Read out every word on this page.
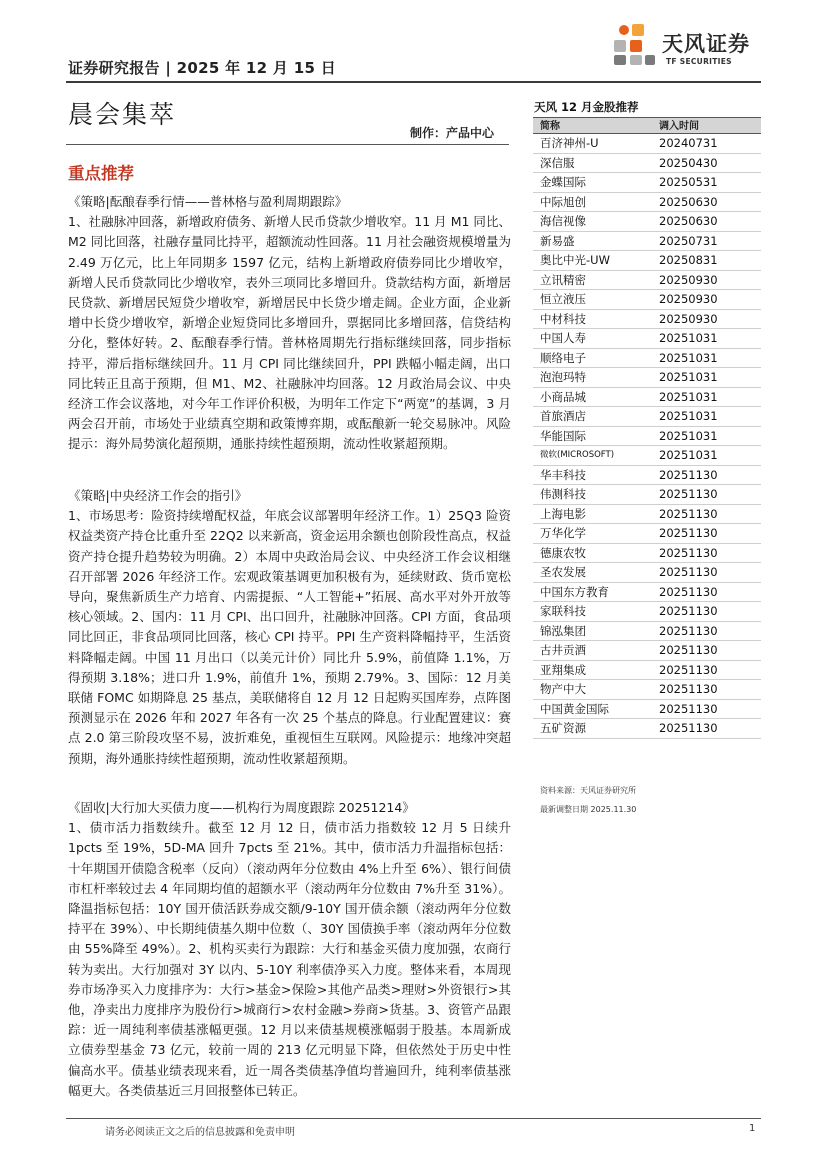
证券研究报告 | 2025 年 12 月 15 日
天风证券
TF SECURITIES
晨会集萃
制作：产品中心
重点推荐

《策略|酝酿春季行情——普林格与盈利周期跟踪》

1、社融脉冲回落，新增政府债务、新增人民币贷款少增收窄。11 月 M1 同比、M2 同比回落，社融存量同比持平，超额流动性回落。11 月社会融资规模增量为 2.49 万亿元，比上年同期多 1597 亿元，结构上新增政府债券同比少增收窄，新增人民币贷款同比少增收窄，表外三项同比多增回升。贷款结构方面，新增居民贷款、新增居民短贷少增收窄，新增居民中长贷少增走阔。企业方面，企业新增中长贷少增收窄，新增企业短贷同比多增回升，票据同比多增回落，信贷结构分化，整体好转。2、酝酿春季行情。普林格周期先行指标继续回落，同步指标持平，滞后指标继续回升。11 月 CPI 同比继续回升，PPI 跌幅小幅走阔，出口同比转正且高于预期，但 M1、M2、社融脉冲均回落。12 月政治局会议、中央经济工作会议落地，对今年工作评价积极，为明年工作定下“两宽”的基调，3 月两会召开前，市场处于业绩真空期和政策博弈期，或酝酿新一轮交易脉冲。风险提示：海外局势演化超预期，通胀持续性超预期，流动性收紧超预期。

《策略|中央经济工作会的指引》

1、市场思考：险资持续增配权益，年底会议部署明年经济工作。1）25Q3 险资权益类资产持仓比重升至 22Q2 以来新高，资金运用余额也创阶段性高点，权益资产持仓提升趋势较为明确。2）本周中央政治局会议、中央经济工作会议相继召开部署 2026 年经济工作。宏观政策基调更加积极有为，延续财政、货币宽松导向，聚焦新质生产力培育、内需提振、“人工智能+”拓展、高水平对外开放等核心领域。2、国内：11 月 CPI、出口回升，社融脉冲回落。CPI 方面，食品项同比回正，非食品项同比回落，核心 CPI 持平。PPI 生产资料降幅持平，生活资料降幅走阔。中国 11 月出口（以美元计价）同比升 5.9%，前值降 1.1%，万得预期 3.18%；进口升 1.9%，前值升 1%，预期 2.79%。3、国际：12 月美联储 FOMC 如期降息 25 基点，美联储将自 12 月 12 日起购买国库券，点阵图预测显示在 2026 年和 2027 年各有一次 25 个基点的降息。行业配置建议：赛点 2.0 第三阶段攻坚不易，波折难免，重视恒生互联网。风险提示：地缘冲突超预期，海外通胀持续性超预期，流动性收紧超预期。

《固收|大行加大买债力度——机构行为周度跟踪 20251214》

1、债市活力指数续升。截至 12 月 12 日，债市活力指数较 12 月 5 日续升 1pcts 至 19%，5D-MA 回升 7pcts 至 21%。其中，债市活力升温指标包括：十年期国开债隐含税率（反向）（滚动两年分位数由 4%上升至 6%）、银行间债市杠杆率较过去 4 年同期均值的超额水平（滚动两年分位数由 7%升至 31%）。降温指标包括：10Y 国开债活跃券成交额/9-10Y 国开债余额（滚动两年分位数持平在 39%）、中长期纯债基久期中位数（、30Y 国债换手率（滚动两年分位数由 55%降至 49%）。2、机构买卖行为跟踪：大行和基金买债力度加强，农商行转为卖出。大行加强对 3Y 以内、5-10Y 利率债净买入力度。整体来看，本周现券市场净买入力度排序为：大行>基金>保险>其他产品类>理财>外资银行>其他，净卖出力度排序为股份行>城商行>农村金融>券商>货基。3、资管产品跟踪：近一周纯利率债基涨幅更强。12 月以来债基规模涨幅弱于股基。本周新成立债券型基金 73 亿元，较前一周的 213 亿元明显下降，但依然处于历史中性偏高水平。债基业绩表现来看，近一周各类债基净值均普遍回升，纯利率债基涨幅更大。各类债基近三月回报整体已转正。

天风 12 月金股推荐
简称	调入时间
百济神州-U	20240731
深信服	20250430
金蝶国际	20250531
中际旭创	20250630
海信视像	20250630
新易盛	20250731
奥比中光-UW	20250831
立讯精密	20250930
恒立液压	20250930
中材科技	20250930
中国人寿	20251031
顺络电子	20251031
泡泡玛特	20251031
小商品城	20251031
首旅酒店	20251031
华能国际	20251031
微软(MICROSOFT)	20251031
华丰科技	20251130
伟测科技	20251130
上海电影	20251130
万华化学	20251130
德康农牧	20251130
圣农发展	20251130
中国东方教育	20251130
家联科技	20251130
锦泓集团	20251130
古井贡酒	20251130
亚翔集成	20251130
物产中大	20251130
中国黄金国际	20251130
五矿资源	20251130
资料来源：天风证券研究所
最新调整日期 2025.11.30
请务必阅读正文之后的信息披露和免责申明	1
